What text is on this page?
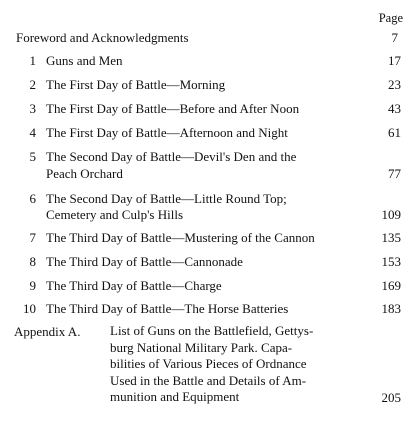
Page
Foreword and Acknowledgments	7
1 Guns and Men	17
2 The First Day of Battle—Morning	23
3 The First Day of Battle—Before and After Noon	43
4 The First Day of Battle—Afternoon and Night	61
5 The Second Day of Battle—Devil's Den and the
Peach Orchard	77
6 The Second Day of Battle—Little Round Top;
Cemetery and Culp's Hills	109
7 The Third Day of Battle—Mustering of the Cannon	135
8 The Third Day of Battle—Cannonade	153
9 The Third Day of Battle—Charge	169
10 The Third Day of Battle—The Horse Batteries	183
Appendix A.	List of Guns on the Battlefield, Gettys-
burg National Military Park. Capa-
bilities of Various Pieces of Ordnance
Used in the Battle and Details of Am-
munition and Equipment	205
